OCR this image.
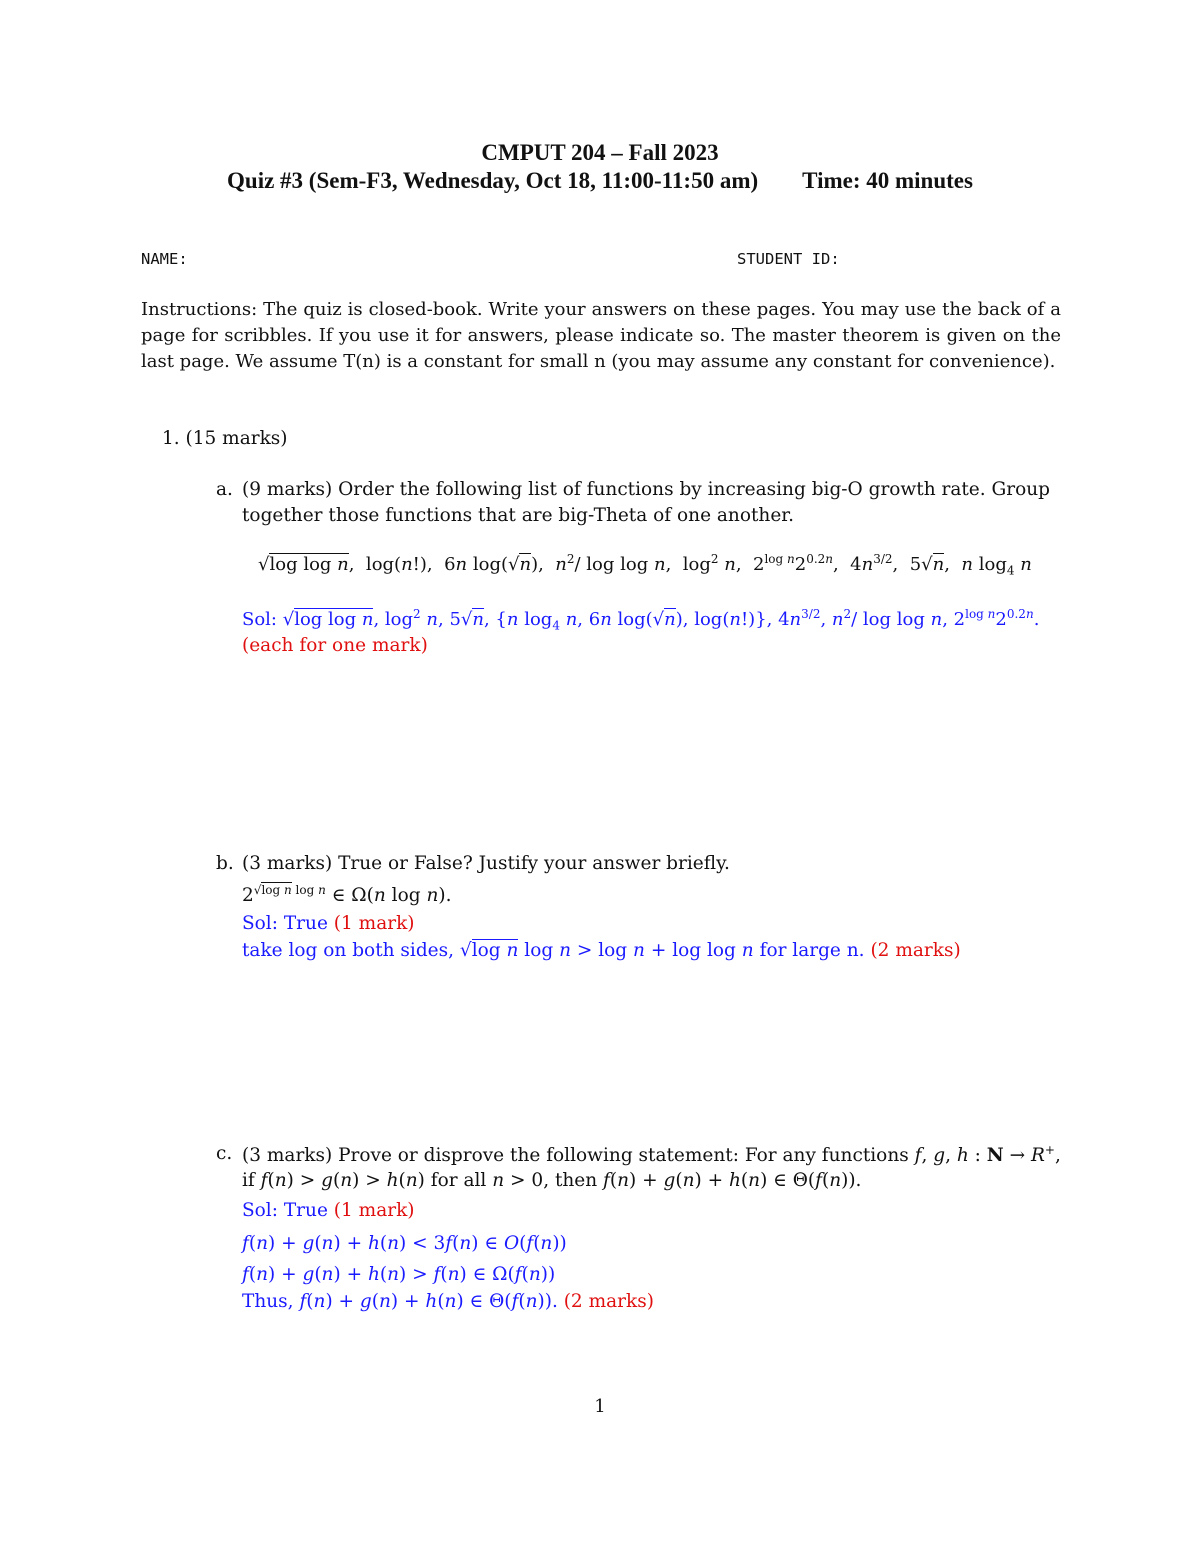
CMPUT 204 – Fall 2023
Quiz #3 (Sem-F3, Wednesday, Oct 18, 11:00-11:50 am) Time: 40 minutes
NAME:	STUDENT ID:
Instructions: The quiz is closed-book. Write your answers on these pages. You may use the back of a page for scribbles. If you use it for answers, please indicate so. The master theorem is given on the last page. We assume T(n) is a constant for small n (you may assume any constant for convenience).
1. (15 marks)
a. (9 marks) Order the following list of functions by increasing big-O growth rate. Group
together those functions that are big-Theta of one another.
√log log n,  log(n!),  6n log(√n),  $n^2/$ log log n,  $\log^2 n$,  $2^{log n}2^{0.2n}$,  $4n^{3/2}$,  5√n,  n $\log_4 n$
Sol: √log log n, $\log^2 n$, 5√n, {n $\log_4 n$, 6n log(√n), log(n!)}, $4n^{3/2}$, $n^2/$ log log n, $2^{log n}2^{0.2n}$.
(each for one mark)
b. (3 marks) True or False? Justify your answer briefly.
$2^{√log n log n}$ ∈ Ω(n log n).
Sol: True (1 mark)
take log on both sides, √log n log n > log n + log log n for large n. (2 marks)
c. (3 marks) Prove or disprove the following statement: For any functions f, g, h : N → R+,
if f(n) > g(n) > h(n) for all n > 0, then f(n) + g(n) + h(n) ∈ Θ(f(n)).
Sol: True (1 mark)
f(n) + g(n) + h(n) < 3f(n) ∈ O(f(n))
f(n) + g(n) + h(n) > f(n) ∈ Ω(f(n))
Thus, f(n) + g(n) + h(n) ∈ Θ(f(n)). (2 marks)
1
